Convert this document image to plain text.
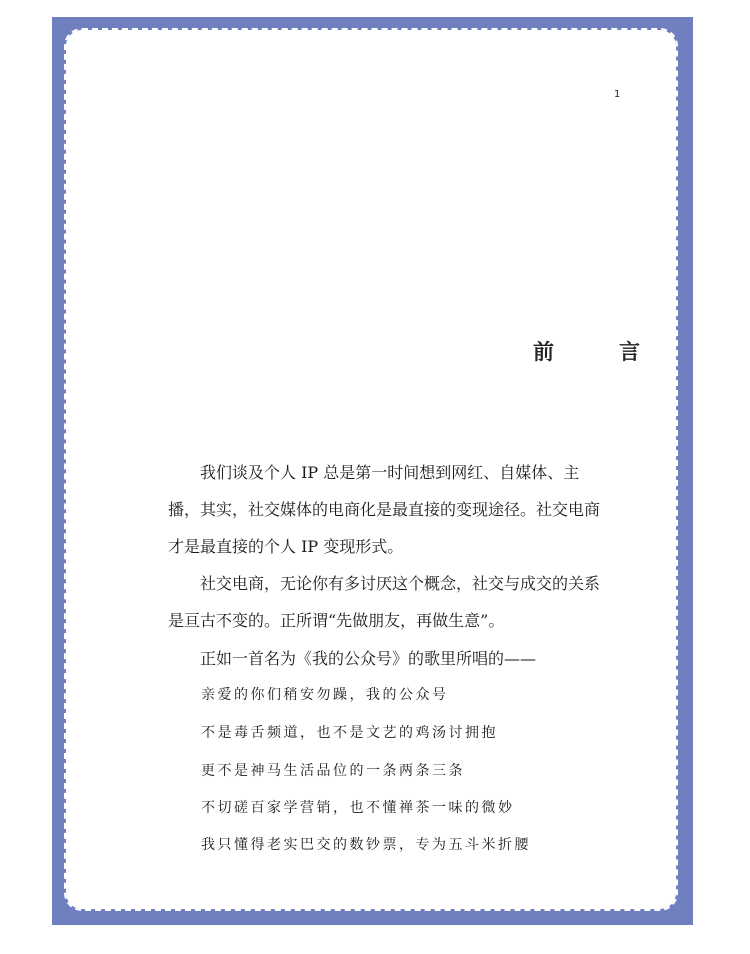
1
前　言

我们谈及个人 IP 总是第一时间想到网红、自媒体、主播，其实，社交媒体的电商化是最直接的变现途径。社交电商才是最直接的个人 IP 变现形式。

社交电商，无论你有多讨厌这个概念，社交与成交的关系是亘古不变的。正所谓“先做朋友，再做生意”。

正如一首名为《我的公众号》的歌里所唱的——

亲爱的你们稍安勿躁，我的公众号
不是毒舌频道，也不是文艺的鸡汤讨拥抱
更不是神马生活品位的一条两条三条
不切磋百家学营销，也不懂禅茶一味的微妙
我只懂得老实巴交的数钞票，专为五斗米折腰
